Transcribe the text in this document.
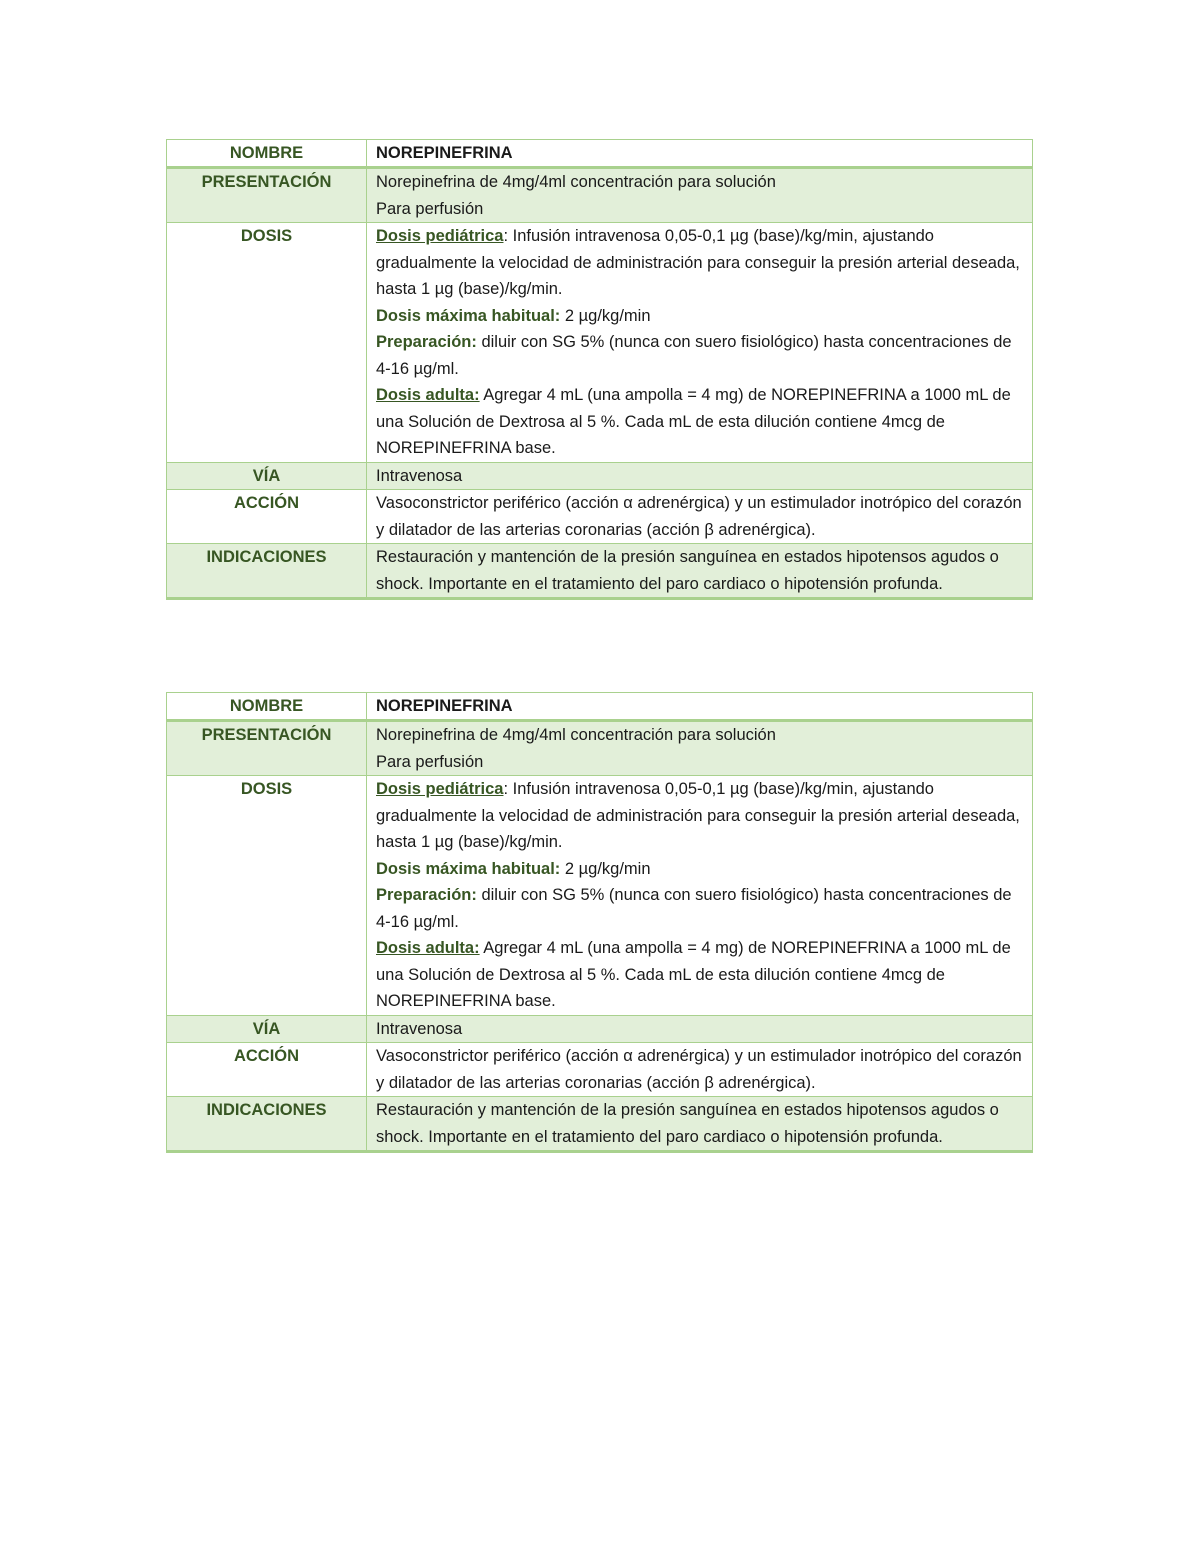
NOMBRE	NOREPINEFRINA
PRESENTACIÓN	Norepinefrina de 4mg/4ml concentración para solución
Para perfusión

DOSIS	Dosis pediátrica: Infusión intravenosa 0,05-0,1 µg (base)/kg/min, ajustando gradualmente la velocidad de administración para conseguir la presión arterial deseada, hasta 1 µg (base)/kg/min.
Dosis máxima habitual: 2 µg/kg/min
Preparación: diluir con SG 5% (nunca con suero fisiológico) hasta concentraciones de 4-16 µg/ml.
Dosis adulta: Agregar 4 mL (una ampolla = 4 mg) de NOREPINEFRINA a 1000 mL de una Solución de Dextrosa al 5 %. Cada mL de esta dilución contiene 4mcg de NOREPINEFRINA base.

VÍA	Intravenosa
ACCIÓN	Vasoconstrictor periférico (acción α adrenérgica) y un estimulador inotrópico del corazón y dilatador de las arterias coronarias (acción β adrenérgica).
INDICACIONES	Restauración y mantención de la presión sanguínea en estados hipotensos agudos o shock. Importante en el tratamiento del paro cardiaco o hipotensión profunda.
NOMBRE	NOREPINEFRINA
PRESENTACIÓN	Norepinefrina de 4mg/4ml concentración para solución
Para perfusión

DOSIS	Dosis pediátrica: Infusión intravenosa 0,05-0,1 µg (base)/kg/min, ajustando gradualmente la velocidad de administración para conseguir la presión arterial deseada, hasta 1 µg (base)/kg/min.
Dosis máxima habitual: 2 µg/kg/min
Preparación: diluir con SG 5% (nunca con suero fisiológico) hasta concentraciones de 4-16 µg/ml.
Dosis adulta: Agregar 4 mL (una ampolla = 4 mg) de NOREPINEFRINA a 1000 mL de una Solución de Dextrosa al 5 %. Cada mL de esta dilución contiene 4mcg de NOREPINEFRINA base.

VÍA	Intravenosa
ACCIÓN	Vasoconstrictor periférico (acción α adrenérgica) y un estimulador inotrópico del corazón y dilatador de las arterias coronarias (acción β adrenérgica).
INDICACIONES	Restauración y mantención de la presión sanguínea en estados hipotensos agudos o shock. Importante en el tratamiento del paro cardiaco o hipotensión profunda.
